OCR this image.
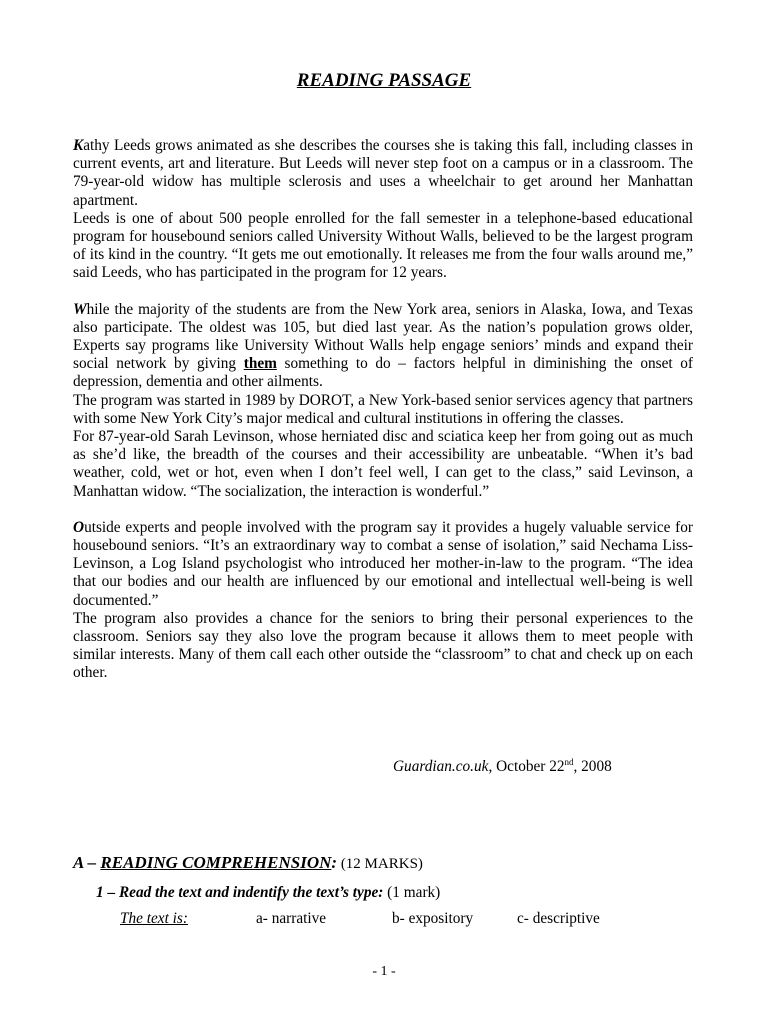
READING PASSAGE

Kathy Leeds grows animated as she describes the courses she is taking this fall, including classes in current events, art and literature. But Leeds will never step foot on a campus or in a classroom. The 79-year-old widow has multiple sclerosis and uses a wheelchair to get around her Manhattan apartment.

Leeds is one of about 500 people enrolled for the fall semester in a telephone-based educational program for housebound seniors called University Without Walls, believed to be the largest program of its kind in the country. “It gets me out emotionally. It releases me from the four walls around me,” said Leeds, who has participated in the program for 12 years.

While the majority of the students are from the New York area, seniors in Alaska, Iowa, and Texas also participate. The oldest was 105, but died last year. As the nation’s population grows older, Experts say programs like University Without Walls help engage seniors’ minds and expand their social network by giving them something to do – factors helpful in diminishing the onset of depression, dementia and other ailments.

The program was started in 1989 by DOROT, a New York-based senior services agency that partners with some New York City’s major medical and cultural institutions in offering the classes.

For 87-year-old Sarah Levinson, whose herniated disc and sciatica keep her from going out as much as she’d like, the breadth of the courses and their accessibility are unbeatable. “When it’s bad weather, cold, wet or hot, even when I don’t feel well, I can get to the class,” said Levinson, a Manhattan widow. “The socialization, the interaction is wonderful.”

Outside experts and people involved with the program say it provides a hugely valuable service for housebound seniors. “It’s an extraordinary way to combat a sense of isolation,” said Nechama Liss-Levinson, a Log Island psychologist who introduced her mother-in-law to the program. “The idea that our bodies and our health are influenced by our emotional and intellectual well-being is well documented.”

The program also provides a chance for the seniors to bring their personal experiences to the classroom. Seniors say they also love the program because it allows them to meet people with similar interests. Many of them call each other outside the “classroom” to chat and check up on each other.

Guardian.co.uk, October 22nd, 2008
A – READING COMPREHENSION: (12 MARKS)
1 – Read the text and indentify the text’s type: (1 mark)
The text is:	a- narrative	b- expository	c- descriptive
- 1 -
